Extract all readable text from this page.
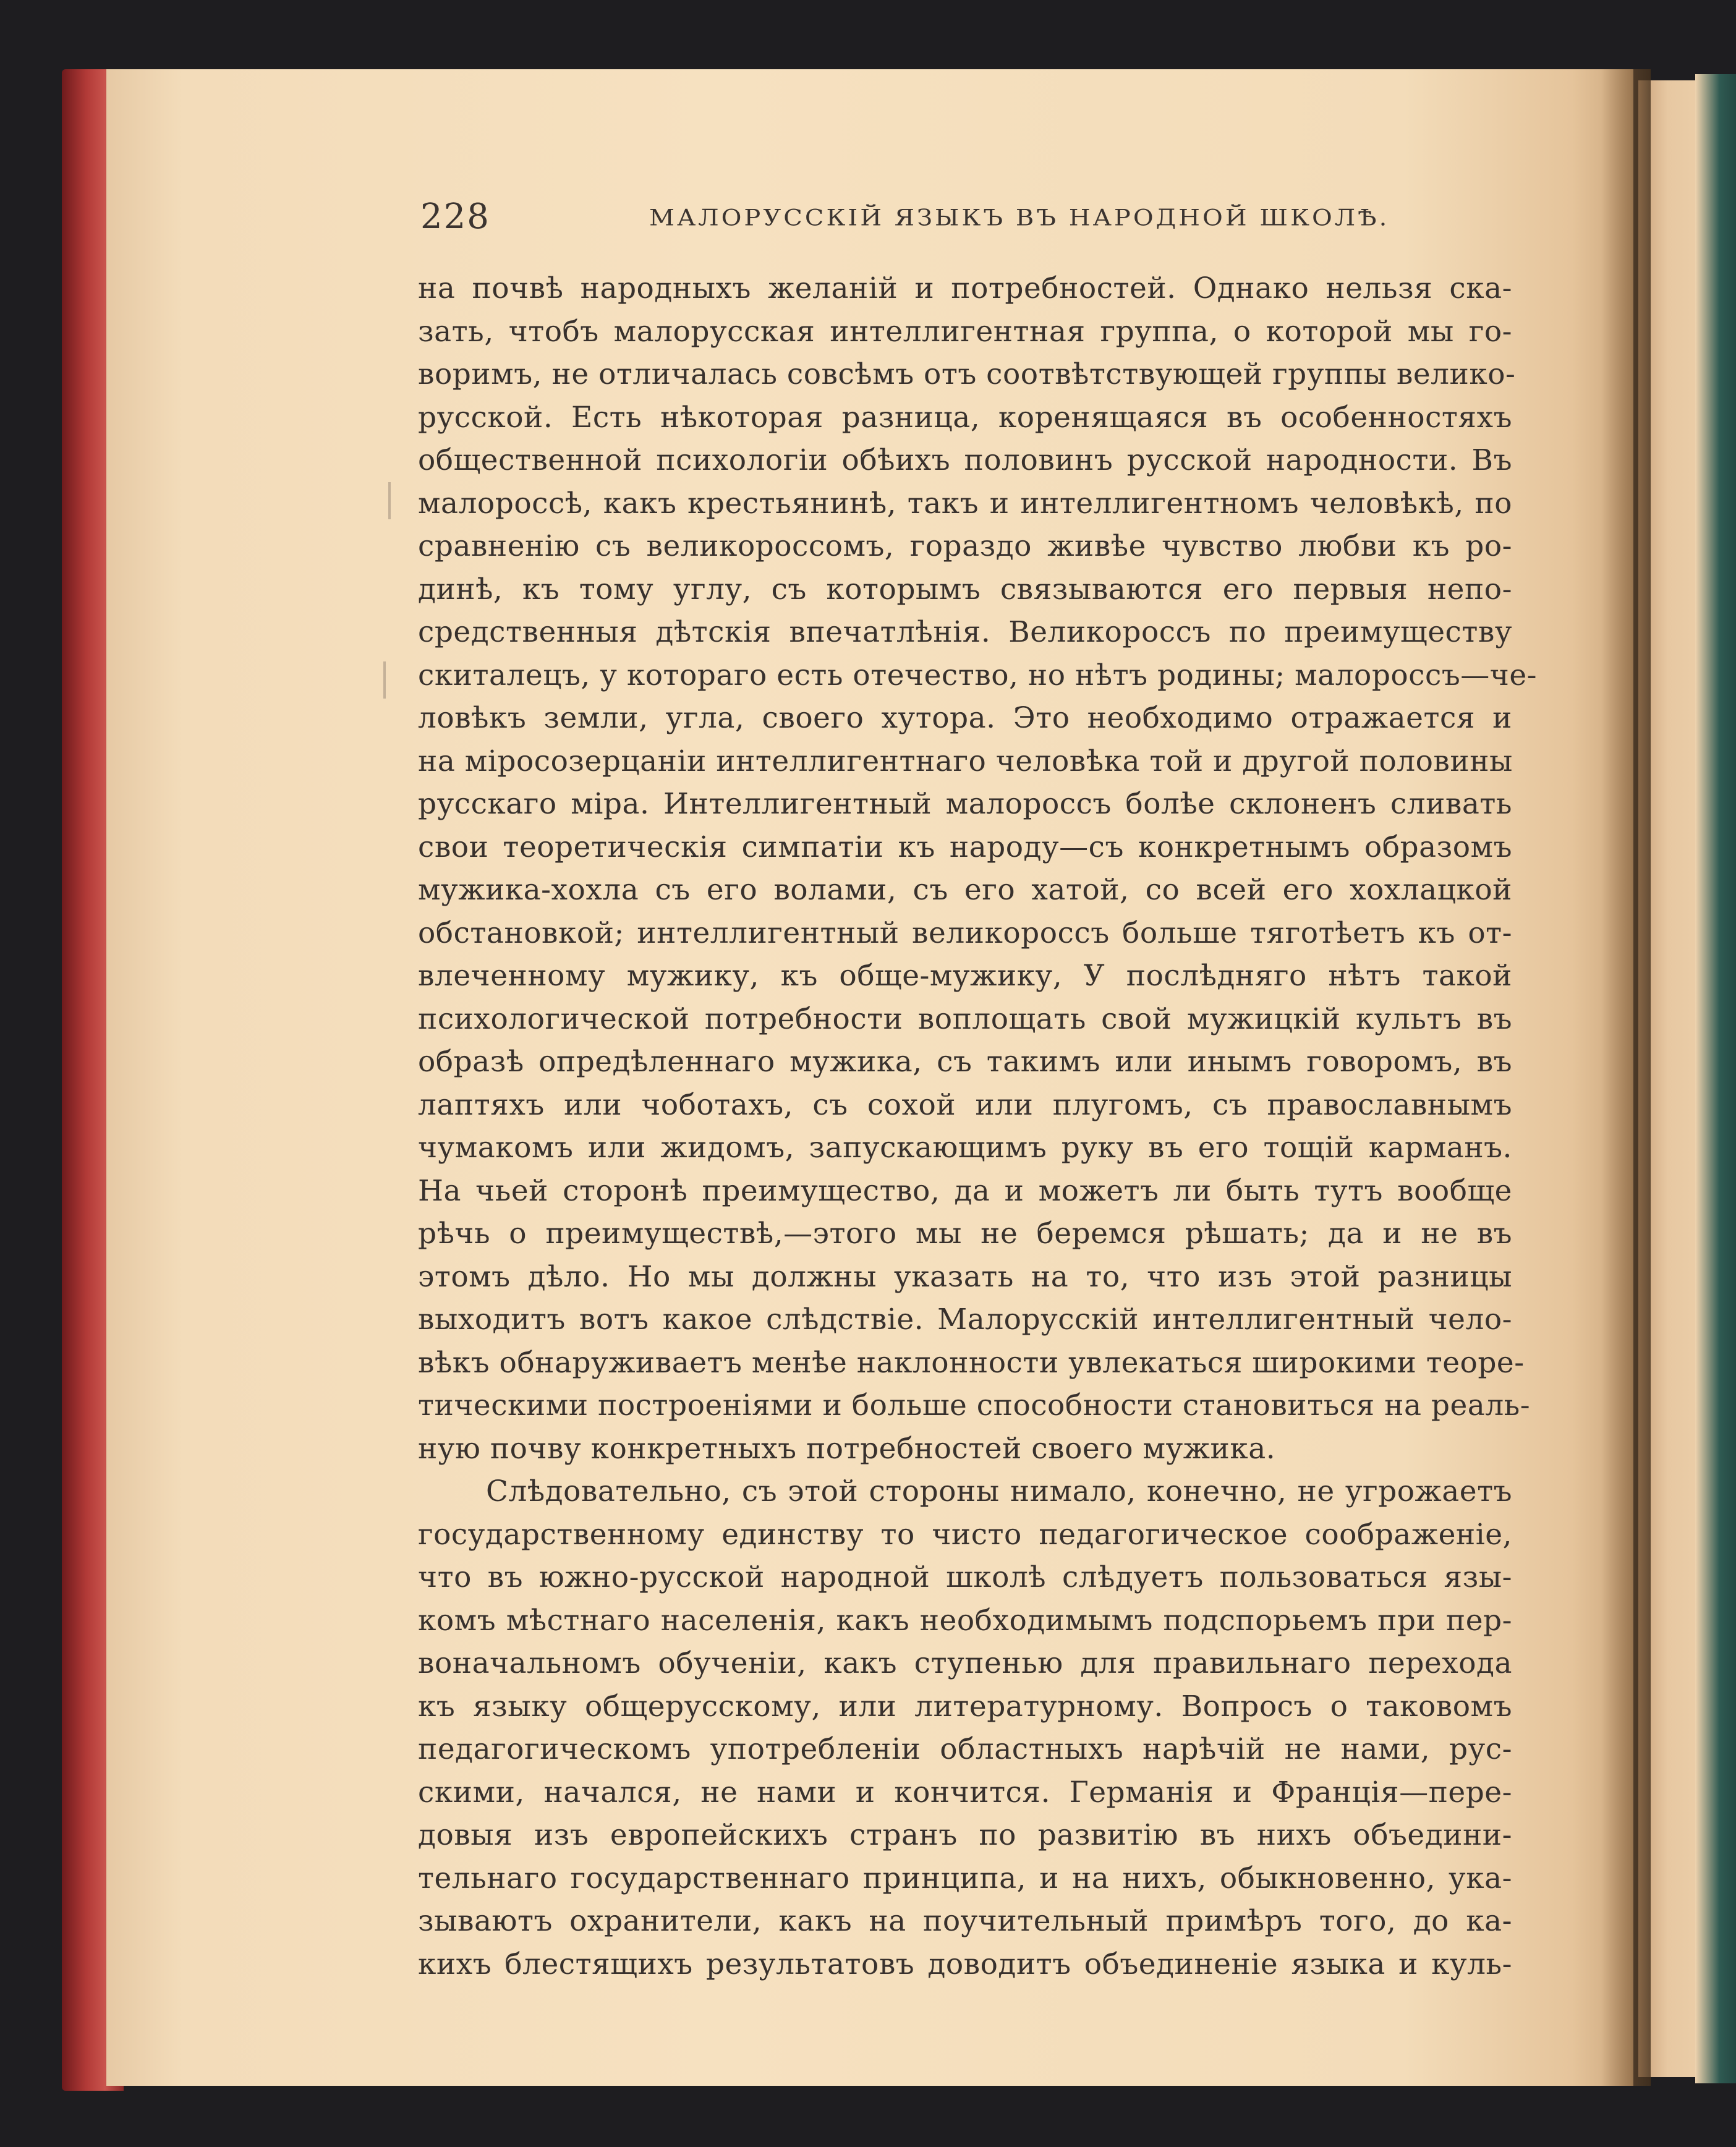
228	МАЛОРУССКІЙ ЯЗЫКЪ ВЪ НАРОДНОЙ ШКОЛѢ.
на почвѣ народныхъ желаній и потребностей. Однако нельзя ска-
зать, чтобъ малорусская интеллигентная группа, о которой мы го-
воримъ, не отличалась совсѣмъ отъ соотвѣтствующей группы велико-
русской. Есть нѣкоторая разница, коренящаяся въ особенностяхъ
общественной психологіи обѣихъ половинъ русской народности. Въ
малороссѣ, какъ крестьянинѣ, такъ и интеллигентномъ человѣкѣ, по
сравненію съ великороссомъ, гораздо живѣе чувство любви къ ро-
динѣ, къ тому углу, съ которымъ связываются его первыя непо-
средственныя дѣтскія впечатлѣнія. Великороссъ по преимуществу
скиталецъ, у котораго есть отечество, но нѣтъ родины; малороссъ—че-
ловѣкъ земли, угла, своего хутора. Это необходимо отражается и
на міросозерцаніи интеллигентнаго человѣка той и другой половины
русскаго міра. Интеллигентный малороссъ болѣе склоненъ сливать
свои теоретическія симпатіи къ народу—съ конкретнымъ образомъ
мужика-хохла съ его волами, съ его хатой, со всей его хохлацкой
обстановкой; интеллигентный великороссъ больше тяготѣетъ къ от-
влеченному мужику, къ обще-мужику, У послѣдняго нѣтъ такой
психологической потребности воплощать свой мужицкій культъ въ
образѣ опредѣленнаго мужика, съ такимъ или инымъ говоромъ, въ
лаптяхъ или чоботахъ, съ сохой или плугомъ, съ православнымъ
чумакомъ или жидомъ, запускающимъ руку въ его тощій карманъ.
На чьей сторонѣ преимущество, да и можетъ ли быть тутъ вообще
рѣчь о преимуществѣ,—этого мы не беремся рѣшать; да и не въ
этомъ дѣло. Но мы должны указать на то, что изъ этой разницы
выходитъ вотъ какое слѣдствіе. Малорусскій интеллигентный чело-
вѣкъ обнаруживаетъ менѣе наклонности увлекаться широкими теоре-
тическими построеніями и больше способности становиться на реаль-
ную почву конкретныхъ потребностей своего мужика.
Слѣдовательно, съ этой стороны нимало, конечно, не угрожаетъ
государственному единству то чисто педагогическое соображеніе,
что въ южно-русской народной школѣ слѣдуетъ пользоваться язы-
комъ мѣстнаго населенія, какъ необходимымъ подспорьемъ при пер-
воначальномъ обученіи, какъ ступенью для правильнаго перехода
къ языку общерусскому, или литературному. Вопросъ о таковомъ
педагогическомъ употребленіи областныхъ нарѣчій не нами, рус-
скими, начался, не нами и кончится. Германія и Франція—пере-
довыя изъ европейскихъ странъ по развитію въ нихъ объедини-
тельнаго государственнаго принципа, и на нихъ, обыкновенно, ука-
зываютъ охранители, какъ на поучительный примѣръ того, до ка-
кихъ блестящихъ результатовъ доводитъ объединеніе языка и куль-
